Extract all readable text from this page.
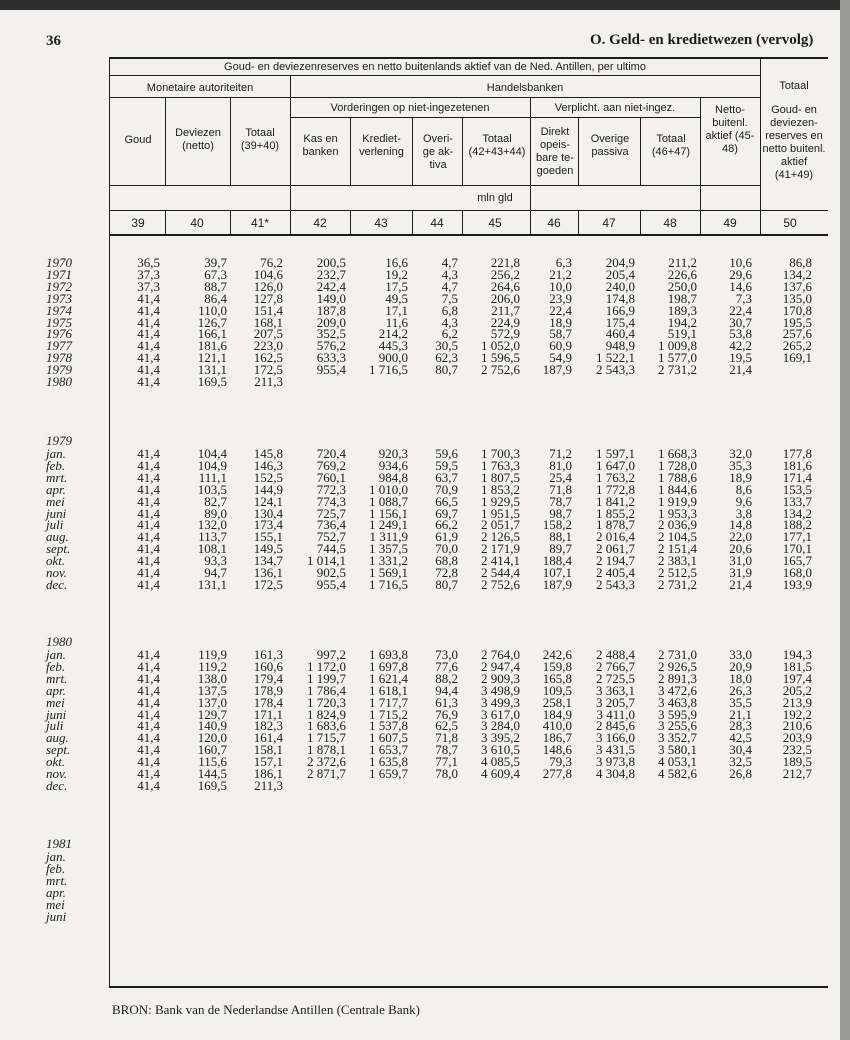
36	O. Geld- en kredietwezen (vervolg)
Goud- en deviezenreserves en netto buitenlands aktief van de Ned. Antillen, per ultimo
Totaal
Monetaire autoriteiten	Handelsbanken
Vorderingen op niet-ingezetenen	Verplicht. aan niet-ingez.
mln gld
Goud
Deviezen (netto)
Totaal (39+40)
Kas en banken
Krediet-verlening
Overi-ge ak-tiva
Totaal (42+43+44)
Direkt opeis-bare te-goeden
Overige passiva
Totaal (46+47)
Netto-buitenl. aktief (45-48)
Goud- en deviezen-reserves en netto buitenl. aktief (41+49)
39	40	41*	42	43	44	45	46	47	48	49	50
1970	36,5	39,7	76,2	200,5	16,6	4,7	221,8	6,3	204,9	211,2	10,6	86,8
1971	37,3	67,3	104,6	232,7	19,2	4,3	256,2	21,2	205,4	226,6	29,6	134,2
1972	37,3	88,7	126,0	242,4	17,5	4,7	264,6	10,0	240,0	250,0	14,6	137,6
1973	41,4	86,4	127,8	149,0	49,5	7,5	206,0	23,9	174,8	198,7	7,3	135,0
1974	41,4	110,0	151,4	187,8	17,1	6,8	211,7	22,4	166,9	189,3	22,4	170,8
1975	41,4	126,7	168,1	209,0	11,6	4,3	224,9	18,9	175,4	194,2	30,7	195,5
1976	41,4	166,1	207,5	352,5	214,2	6,2	572,9	58,7	460,4	519,1	53,8	257,6
1977	41,4	181,6	223,0	576,2	445,3	30,5	1 052,0	60,9	948,9	1 009,8	42,2	265,2
1978	41,4	121,1	162,5	633,3	900,0	62,3	1 596,5	54,9	1 522,1	1 577,0	19,5	169,1
1979	41,4	131,1	172,5	955,4	1 716,5	80,7	2 752,6	187,9	2 543,3	2 731,2	21,4
1980	41,4	169,5	211,3
1979
jan.	41,4	104,4	145,8	720,4	920,3	59,6	1 700,3	71,2	1 597,1	1 668,3	32,0	177,8
feb.	41,4	104,9	146,3	769,2	934,6	59,5	1 763,3	81,0	1 647,0	1 728,0	35,3	181,6
mrt.	41,4	111,1	152,5	760,1	984,8	63,7	1 807,5	25,4	1 763,2	1 788,6	18,9	171,4
apr.	41,4	103,5	144,9	772,3	1 010,0	70,9	1 853,2	71,8	1 772,8	1 844,6	8,6	153,5
mei	41,4	82,7	124,1	774,3	1 088,7	66,5	1 929,5	78,7	1 841,2	1 919,9	9,6	133,7
juni	41,4	89,0	130,4	725,7	1 156,1	69,7	1 951,5	98,7	1 855,2	1 953,3	3,8	134,2
juli	41,4	132,0	173,4	736,4	1 249,1	66,2	2 051,7	158,2	1 878,7	2 036,9	14,8	188,2
aug.	41,4	113,7	155,1	752,7	1 311,9	61,9	2 126,5	88,1	2 016,4	2 104,5	22,0	177,1
sept.	41,4	108,1	149,5	744,5	1 357,5	70,0	2 171,9	89,7	2 061,7	2 151,4	20,6	170,1
okt.	41,4	93,3	134,7	1 014,1	1 331,2	68,8	2 414,1	188,4	2 194,7	2 383,1	31,0	165,7
nov.	41,4	94,7	136,1	902,5	1 569,1	72,8	2 544,4	107,1	2 405,4	2 512,5	31,9	168,0
dec.	41,4	131,1	172,5	955,4	1 716,5	80,7	2 752,6	187,9	2 543,3	2 731,2	21,4	193,9
1980
jan.	41,4	119,9	161,3	997,2	1 693,8	73,0	2 764,0	242,6	2 488,4	2 731,0	33,0	194,3
feb.	41,4	119,2	160,6	1 172,0	1 697,8	77,6	2 947,4	159,8	2 766,7	2 926,5	20,9	181,5
mrt.	41,4	138,0	179,4	1 199,7	1 621,4	88,2	2 909,3	165,8	2 725,5	2 891,3	18,0	197,4
apr.	41,4	137,5	178,9	1 786,4	1 618,1	94,4	3 498,9	109,5	3 363,1	3 472,6	26,3	205,2
mei	41,4	137,0	178,4	1 720,3	1 717,7	61,3	3 499,3	258,1	3 205,7	3 463,8	35,5	213,9
juni	41,4	129,7	171,1	1 824,9	1 715,2	76,9	3 617,0	184,9	3 411,0	3 595,9	21,1	192,2
juli	41,4	140,9	182,3	1 683,6	1 537,8	62,5	3 284,0	410,0	2 845,6	3 255,6	28,3	210,6
aug.	41,4	120,0	161,4	1 715,7	1 607,5	71,8	3 395,2	186,7	3 166,0	3 352,7	42,5	203,9
sept.	41,4	160,7	158,1	1 878,1	1 653,7	78,7	3 610,5	148,6	3 431,5	3 580,1	30,4	232,5
okt.	41,4	115,6	157,1	2 372,6	1 635,8	77,1	4 085,5	79,3	3 973,8	4 053,1	32,5	189,5
nov.	41,4	144,5	186,1	2 871,7	1 659,7	78,0	4 609,4	277,8	4 304,8	4 582,6	26,8	212,7
dec.	41,4	169,5	211,3
1981
jan.
feb.
mrt.
apr.
mei
juni
BRON: Bank van de Nederlandse Antillen (Centrale Bank)
